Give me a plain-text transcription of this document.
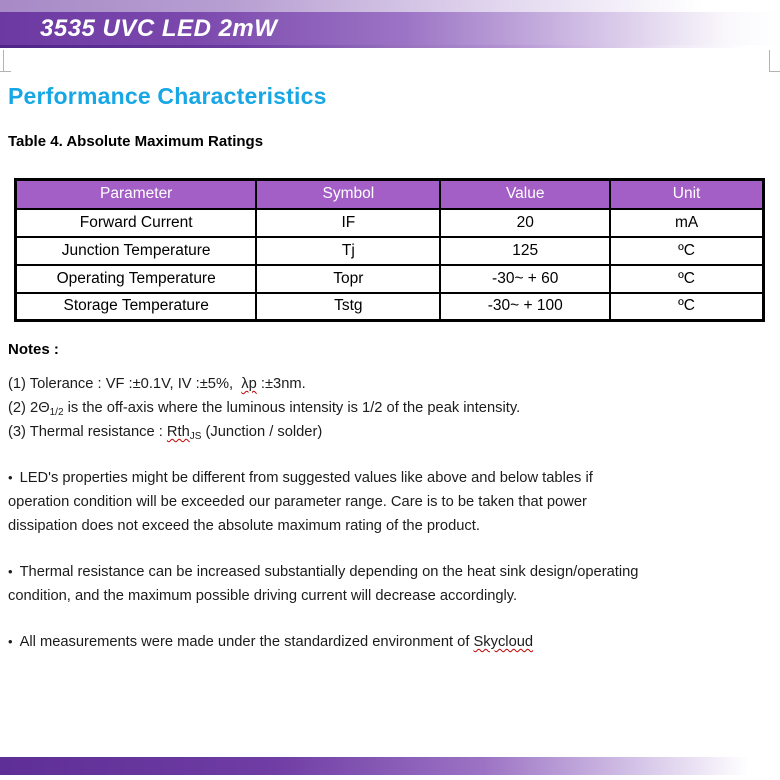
3535 UVC LED 2mW
Performance Characteristics
Table 4. Absolute Maximum Ratings
Parameter	Symbol	Value	Unit
Forward Current	IF	20	mA
Junction Temperature	Tj	125	ºC
Operating Temperature	Topr	-30~ + 60	ºC
Storage Temperature	Tstg	-30~ + 100	ºC
Notes :
(1) Tolerance : VF :±0.1V, IV :±5%,  λp :±3nm.
(2) $2\Theta_{1/2}$ is the off-axis where the luminous intensity is 1/2 of the peak intensity.
(3) Thermal resistance : Rth$_{JS}$ (Junction / solder)
• LED's properties might be different from suggested values like above and below tables if
operation condition will be exceeded our parameter range. Care is to be taken that power
dissipation does not exceed the absolute maximum rating of the product.
• Thermal resistance can be increased substantially depending on the heat sink design/operating
condition, and the maximum possible driving current will decrease accordingly.
• All measurements were made under the standardized environment of Skycloud
